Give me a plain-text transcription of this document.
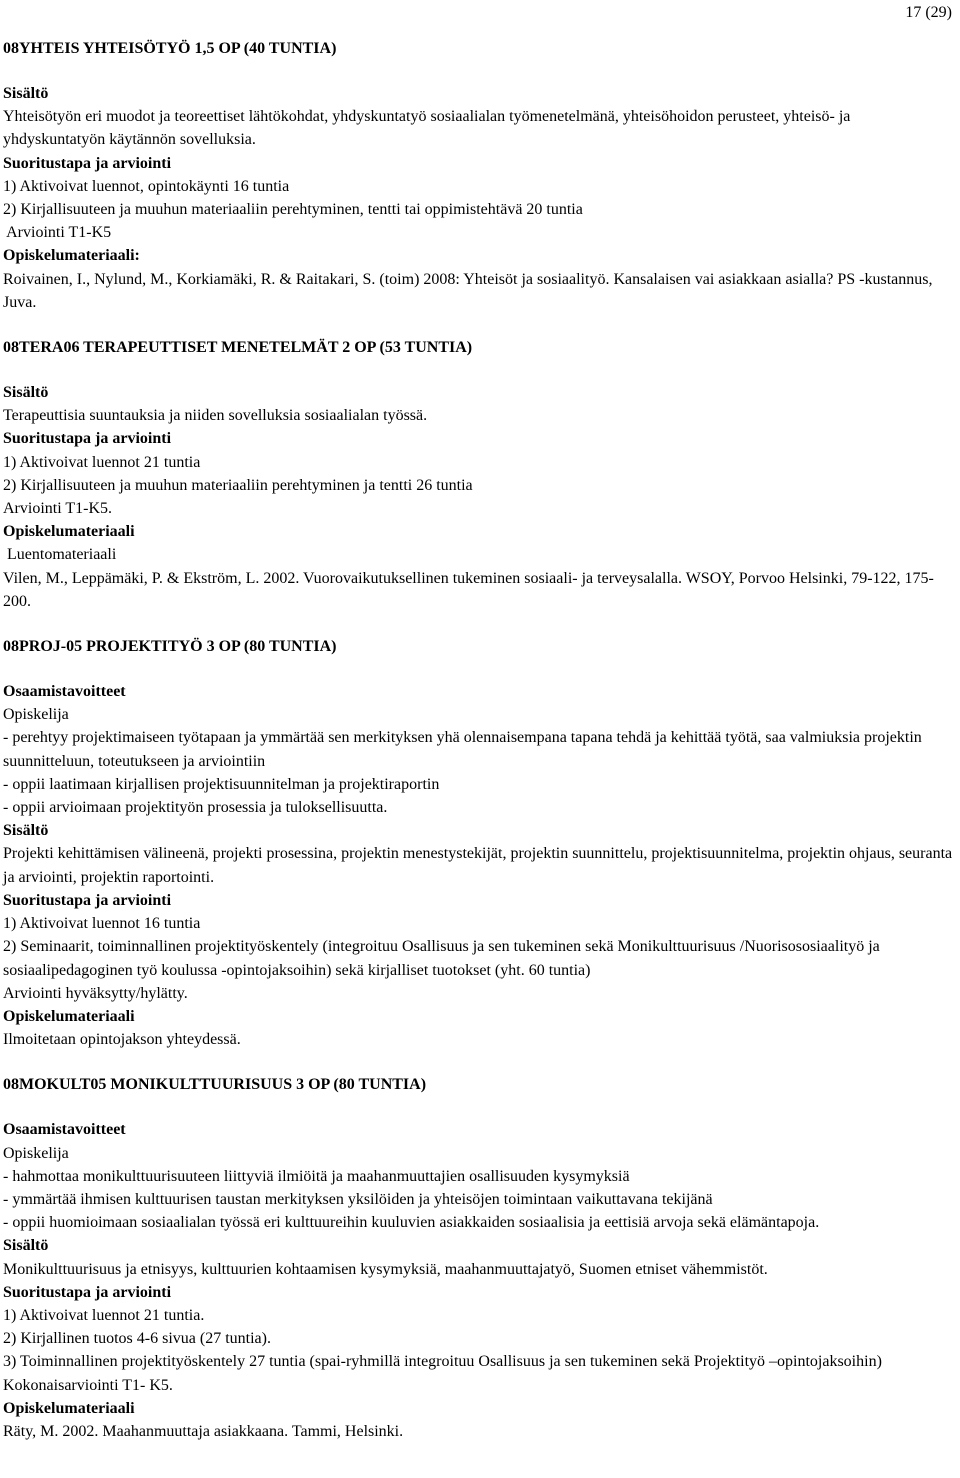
17 (29)
08YHTEIS YHTEISÖTYÖ 1,5 OP (40 TUNTIA)
Sisältö
Yhteisötyön eri muodot ja teoreettiset lähtökohdat, yhdyskuntatyö sosiaalialan työmenetelmänä, yhteisöhoidon perusteet, yhteisö- ja yhdyskuntatyön käytännön sovelluksia.
Suoritustapa ja arviointi
1) Aktivoivat luennot, opintokäynti 16 tuntia
2) Kirjallisuuteen ja muuhun materiaaliin perehtyminen, tentti tai oppimistehtävä 20 tuntia
Arviointi T1-K5
Opiskelumateriaali:
Roivainen, I., Nylund, M., Korkiamäki, R. & Raitakari, S. (toim) 2008: Yhteisöt ja sosiaalityö. Kansalaisen vai asiakkaan asialla? PS -kustannus, Juva.
08TERA06 TERAPEUTTISET MENETELMÄT 2 OP (53 TUNTIA)
Sisältö
Terapeuttisia suuntauksia ja niiden sovelluksia sosiaalialan työssä.
Suoritustapa ja arviointi
1) Aktivoivat luennot 21 tuntia
2) Kirjallisuuteen ja muuhun materiaaliin perehtyminen ja tentti 26 tuntia
Arviointi T1-K5.
Opiskelumateriaali
Luentomateriaali
Vilen, M., Leppämäki, P. & Ekström, L. 2002. Vuorovaikutuksellinen tukeminen sosiaali- ja terveysalalla. WSOY, Porvoo Helsinki, 79-122, 175-200.
08PROJ-05 PROJEKTITYÖ 3 OP (80 TUNTIA)
Osaamistavoitteet
Opiskelija
- perehtyy projektimaiseen työtapaan ja ymmärtää sen merkityksen yhä olennaisempana tapana tehdä ja kehittää työtä, saa valmiuksia projektin suunnitteluun, toteutukseen ja arviointiin
- oppii laatimaan kirjallisen projektisuunnitelman ja projektiraportin
- oppii arvioimaan projektityön prosessia ja tuloksellisuutta.
Sisältö
Projekti kehittämisen välineenä, projekti prosessina, projektin menestystekijät, projektin suunnittelu, projektisuunnitelma, projektin ohjaus, seuranta ja arviointi, projektin raportointi.
Suoritustapa ja arviointi
1) Aktivoivat luennot 16 tuntia
2) Seminaarit, toiminnallinen projektityöskentely (integroituu Osallisuus ja sen tukeminen sekä Monikulttuurisuus /Nuorisososiaalityö ja sosiaalipedagoginen työ koulussa -opintojaksoihin) sekä kirjalliset tuotokset (yht. 60 tuntia)
Arviointi hyväksytty/hylätty.
Opiskelumateriaali
Ilmoitetaan opintojakson yhteydessä.
08MOKULT05 MONIKULTTUURISUUS 3 OP (80 TUNTIA)
Osaamistavoitteet
Opiskelija
- hahmottaa monikulttuurisuuteen liittyviä ilmiöitä ja maahanmuuttajien osallisuuden kysymyksiä
- ymmärtää ihmisen kulttuurisen taustan merkityksen yksilöiden ja yhteisöjen toimintaan vaikuttavana tekijänä
- oppii huomioimaan sosiaalialan työssä eri kulttuureihin kuuluvien asiakkaiden sosiaalisia ja eettisiä arvoja sekä elämäntapoja.
Sisältö
Monikulttuurisuus ja etnisyys, kulttuurien kohtaamisen kysymyksiä, maahanmuuttajatyö, Suomen etniset vähemmistöt.
Suoritustapa ja arviointi
1) Aktivoivat luennot 21 tuntia.
2) Kirjallinen tuotos 4-6 sivua (27 tuntia).
3) Toiminnallinen projektityöskentely 27 tuntia (spai-ryhmillä integroituu Osallisuus ja sen tukeminen sekä Projektityö –opintojaksoihin)
Kokonaisarviointi T1- K5.
Opiskelumateriaali
Räty, M. 2002. Maahanmuuttaja asiakkaana. Tammi, Helsinki.
